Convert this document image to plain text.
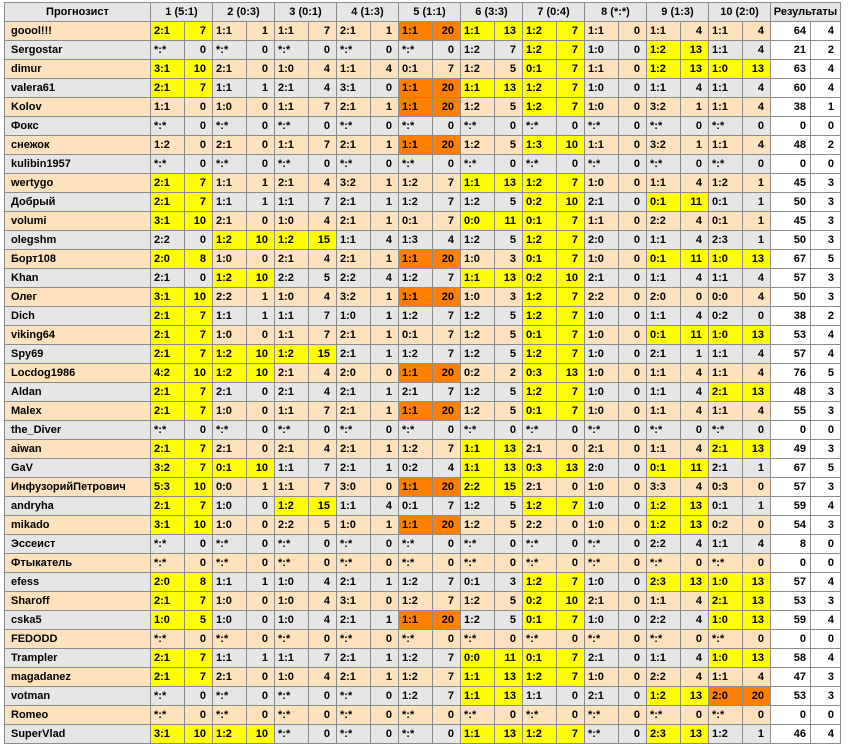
Прогнозист	1 (5:1)		2 (0:3)		3 (0:1)		4 (1:3)		5 (1:1)		6 (3:3)		7 (0:4)		8 (*:*)		9 (1:3)		10 (2:0)		Результаты	
goool!!!	2:1	7	1:1	1	1:1	7	2:1	1	1:1	20	1:1	13	1:2	7	1:1	0	1:1	4	1:1	4	64	4
Sergostar	*:*	0	*:*	0	*:*	0	*:*	0	*:*	0	1:2	7	1:2	7	1:0	0	1:2	13	1:1	4	21	2
dimur	3:1	10	2:1	0	1:0	4	1:1	4	0:1	7	1:2	5	0:1	7	1:1	0	1:2	13	1:0	13	63	4
valera61	2:1	7	1:1	1	2:1	4	3:1	0	1:1	20	1:1	13	1:2	7	1:0	0	1:1	4	1:1	4	60	4
Kolov	1:1	0	1:0	0	1:1	7	2:1	1	1:1	20	1:2	5	1:2	7	1:0	0	3:2	1	1:1	4	38	1
Фокс	*:*	0	*:*	0	*:*	0	*:*	0	*:*	0	*:*	0	*:*	0	*:*	0	*:*	0	*:*	0	0	0
снежок	1:2	0	2:1	0	1:1	7	2:1	1	1:1	20	1:2	5	1:3	10	1:1	0	3:2	1	1:1	4	48	2
kulibin1957	*:*	0	*:*	0	*:*	0	*:*	0	*:*	0	*:*	0	*:*	0	*:*	0	*:*	0	*:*	0	0	0
wertygo	2:1	7	1:1	1	2:1	4	3:2	1	1:2	7	1:1	13	1:2	7	1:0	0	1:1	4	1:2	1	45	3
Добрый	2:1	7	1:1	1	1:1	7	2:1	1	1:2	7	1:2	5	0:2	10	2:1	0	0:1	11	0:1	1	50	3
volumi	3:1	10	2:1	0	1:0	4	2:1	1	0:1	7	0:0	11	0:1	7	1:1	0	2:2	4	0:1	1	45	3
olegshm	2:2	0	1:2	10	1:2	15	1:1	4	1:3	4	1:2	5	1:2	7	2:0	0	1:1	4	2:3	1	50	3
Борт108	2:0	8	1:0	0	2:1	4	2:1	1	1:1	20	1:0	3	0:1	7	1:0	0	0:1	11	1:0	13	67	5
Khan	2:1	0	1:2	10	2:2	5	2:2	4	1:2	7	1:1	13	0:2	10	2:1	0	1:1	4	1:1	4	57	3
Олег	3:1	10	2:2	1	1:0	4	3:2	1	1:1	20	1:0	3	1:2	7	2:2	0	2:0	0	0:0	4	50	3
Dich	2:1	7	1:1	1	1:1	7	1:0	1	1:2	7	1:2	5	1:2	7	1:0	0	1:1	4	0:2	0	38	2
viking64	2:1	7	1:0	0	1:1	7	2:1	1	0:1	7	1:2	5	0:1	7	1:0	0	0:1	11	1:0	13	53	4
Spy69	2:1	7	1:2	10	1:2	15	2:1	1	1:2	7	1:2	5	1:2	7	1:0	0	2:1	1	1:1	4	57	4
Locdog1986	4:2	10	1:2	10	2:1	4	2:0	0	1:1	20	0:2	2	0:3	13	1:0	0	1:1	4	1:1	4	76	5
Aldan	2:1	7	2:1	0	2:1	4	2:1	1	2:1	7	1:2	5	1:2	7	1:0	0	1:1	4	2:1	13	48	3
Malex	2:1	7	1:0	0	1:1	7	2:1	1	1:1	20	1:2	5	0:1	7	1:0	0	1:1	4	1:1	4	55	3
the_Diver	*:*	0	*:*	0	*:*	0	*:*	0	*:*	0	*:*	0	*:*	0	*:*	0	*:*	0	*:*	0	0	0
aiwan	2:1	7	2:1	0	2:1	4	2:1	1	1:2	7	1:1	13	2:1	0	2:1	0	1:1	4	2:1	13	49	3
GaV	3:2	7	0:1	10	1:1	7	2:1	1	0:2	4	1:1	13	0:3	13	2:0	0	0:1	11	2:1	1	67	5
ИнфузорийПетрович	5:3	10	0:0	1	1:1	7	3:0	0	1:1	20	2:2	15	2:1	0	1:0	0	3:3	4	0:3	0	57	3
andryha	2:1	7	1:0	0	1:2	15	1:1	4	0:1	7	1:2	5	1:2	7	1:0	0	1:2	13	0:1	1	59	4
mikado	3:1	10	1:0	0	2:2	5	1:0	1	1:1	20	1:2	5	2:2	0	1:0	0	1:2	13	0:2	0	54	3
Эссеист	*:*	0	*:*	0	*:*	0	*:*	0	*:*	0	*:*	0	*:*	0	*:*	0	2:2	4	1:1	4	8	0
Фтыкатель	*:*	0	*:*	0	*:*	0	*:*	0	*:*	0	*:*	0	*:*	0	*:*	0	*:*	0	*:*	0	0	0
efess	2:0	8	1:1	1	1:0	4	2:1	1	1:2	7	0:1	3	1:2	7	1:0	0	2:3	13	1:0	13	57	4
Sharoff	2:1	7	1:0	0	1:0	4	3:1	0	1:2	7	1:2	5	0:2	10	2:1	0	1:1	4	2:1	13	53	3
cska5	1:0	5	1:0	0	1:0	4	2:1	1	1:1	20	1:2	5	0:1	7	1:0	0	2:2	4	1:0	13	59	4
FEDODD	*:*	0	*:*	0	*:*	0	*:*	0	*:*	0	*:*	0	*:*	0	*:*	0	*:*	0	*:*	0	0	0
Trampler	2:1	7	1:1	1	1:1	7	2:1	1	1:2	7	0:0	11	0:1	7	2:1	0	1:1	4	1:0	13	58	4
magadanez	2:1	7	2:1	0	1:0	4	2:1	1	1:2	7	1:1	13	1:2	7	1:0	0	2:2	4	1:1	4	47	3
votman	*:*	0	*:*	0	*:*	0	*:*	0	1:2	7	1:1	13	1:1	0	2:1	0	1:2	13	2:0	20	53	3
Romeo	*:*	0	*:*	0	*:*	0	*:*	0	*:*	0	*:*	0	*:*	0	*:*	0	*:*	0	*:*	0	0	0
SuperVlad	3:1	10	1:2	10	*:*	0	*:*	0	*:*	0	1:1	13	1:2	7	*:*	0	2:3	13	1:2	1	46	4
